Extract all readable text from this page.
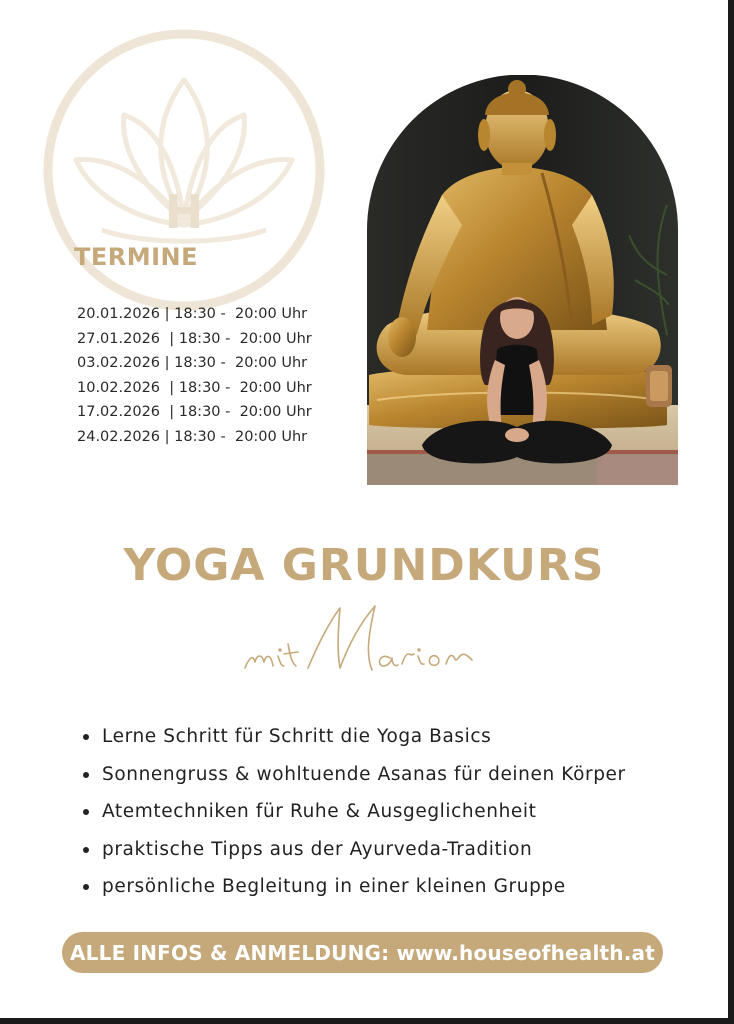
H
TERMINE
20.01.2026 | 18:30 -  20:00 Uhr
27.01.2026  | 18:30 -  20:00 Uhr
03.02.2026 | 18:30 -  20:00 Uhr
10.02.2026  | 18:30 -  20:00 Uhr
17.02.2026  | 18:30 -  20:00 Uhr
24.02.2026 | 18:30 -  20:00 Uhr
YOGA GRUNDKURS
Lerne Schritt für Schritt die Yoga Basics
Sonnengruss & wohltuende Asanas für deinen Körper
Atemtechniken für Ruhe & Ausgeglichenheit
praktische Tipps aus der Ayurveda-Tradition
persönliche Begleitung in einer kleinen Gruppe
ALLE INFOS & ANMELDUNG: www.houseofhealth.at
